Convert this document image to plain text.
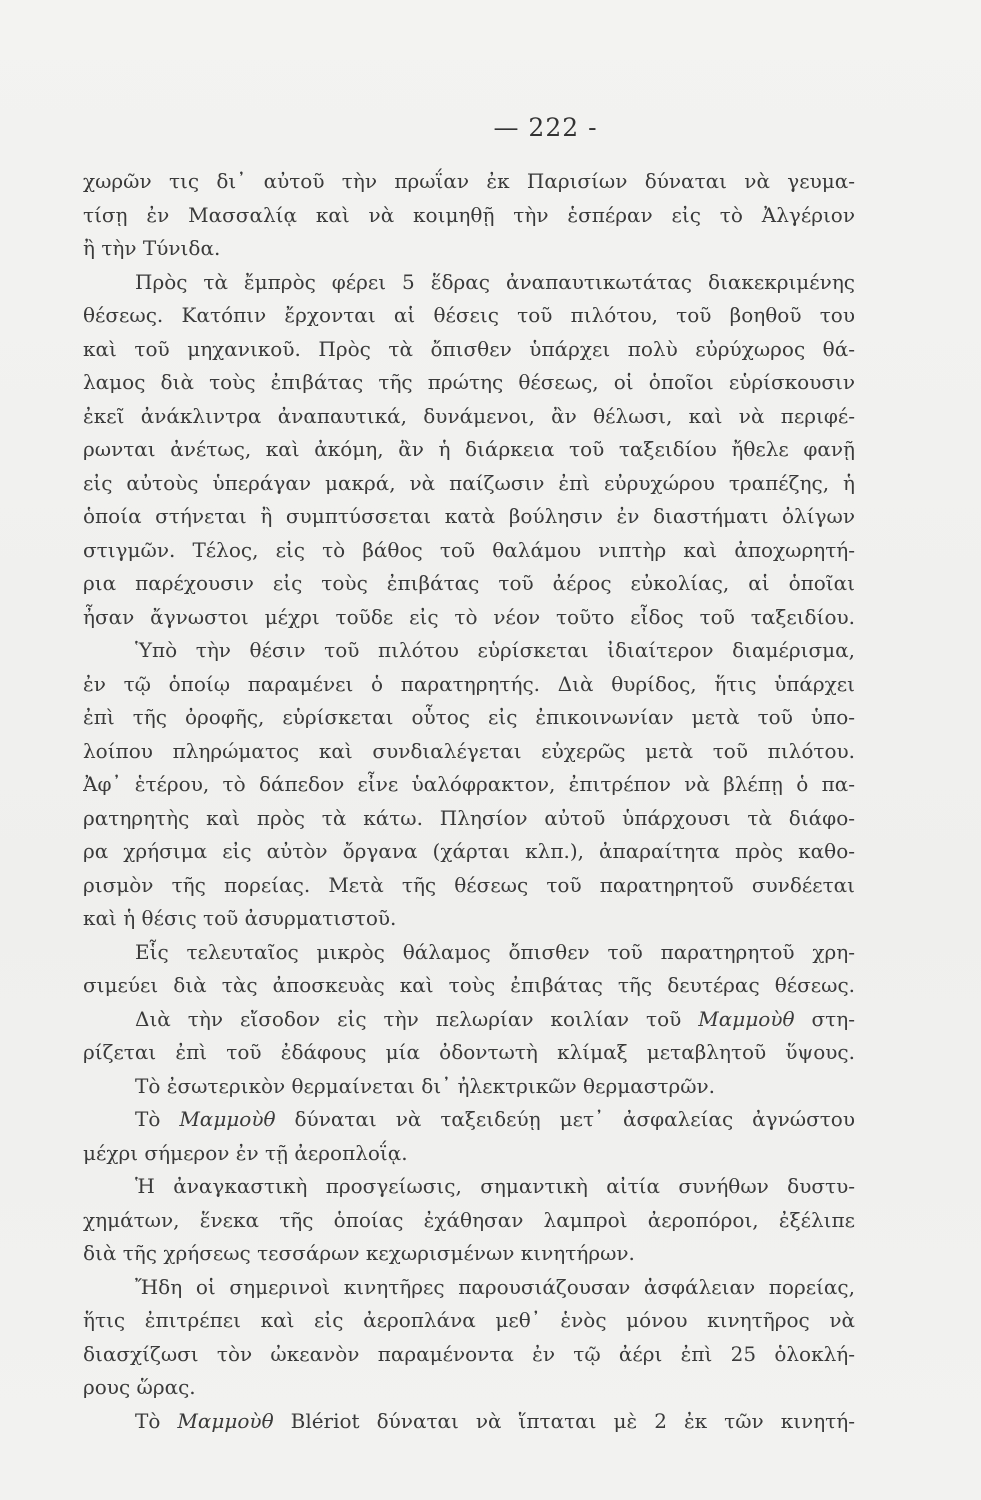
— 222 -
χωρῶν τις δι᾽ αὐτοῦ τὴν πρωΐαν ἐκ Παρισίων δύναται νὰ γευμα-
τίσῃ ἐν Μασσαλίᾳ καὶ νὰ κοιμηθῇ τὴν ἑσπέραν εἰς τὸ Ἀλγέριον
ἢ τὴν Τύνιδα.
Πρὸς τὰ ἔμπρὸς φέρει 5 ἕδρας ἀναπαυτικωτάτας διακεκριμένης
θέσεως. Κατόπιν ἔρχονται αἱ θέσεις τοῦ πιλότου, τοῦ βοηθοῦ του
καὶ τοῦ μηχανικοῦ. Πρὸς τὰ ὄπισθεν ὑπάρχει πολὺ εὐρύχωρος θά-
λαμος διὰ τοὺς ἐπιβάτας τῆς πρώτης θέσεως, οἱ ὁποῖοι εὑρίσκουσιν
ἐκεῖ ἀνάκλιντρα ἀναπαυτικά, δυνάμενοι, ἂν θέλωσι, καὶ νὰ περιφέ-
ρωνται ἀνέτως, καὶ ἀκόμη, ἂν ἡ διάρκεια τοῦ ταξειδίου ἤθελε φανῇ
εἰς αὐτοὺς ὑπεράγαν μακρά, νὰ παίζωσιν ἐπὶ εὐρυχώρου τραπέζης, ἡ
ὁποία στήνεται ἢ συμπτύσσεται κατὰ βούλησιν ἐν διαστήματι ὀλίγων
στιγμῶν. Τέλος, εἰς τὸ βάθος τοῦ θαλάμου νιπτὴρ καὶ ἀποχωρητή-
ρια παρέχουσιν εἰς τοὺς ἐπιβάτας τοῦ ἀέρος εὐκολίας, αἱ ὁποῖαι
ἦσαν ἄγνωστοι μέχρι τοῦδε εἰς τὸ νέον τοῦτο εἶδος τοῦ ταξειδίου.
Ὑπὸ τὴν θέσιν τοῦ πιλότου εὑρίσκεται ἰδιαίτερον διαμέρισμα,
ἐν τῷ ὁποίῳ παραμένει ὁ παρατηρητής. Διὰ θυρίδος, ἥτις ὑπάρχει
ἐπὶ τῆς ὀροφῆς, εὑρίσκεται οὗτος εἰς ἐπικοινωνίαν μετὰ τοῦ ὑπο-
λοίπου πληρώματος καὶ συνδιαλέγεται εὐχερῶς μετὰ τοῦ πιλότου.
Ἀφ᾽ ἑτέρου, τὸ δάπεδον εἶνε ὑαλόφρακτον, ἐπιτρέπον νὰ βλέπῃ ὁ πα-
ρατηρητὴς καὶ πρὸς τὰ κάτω. Πλησίον αὐτοῦ ὑπάρχουσι τὰ διάφο-
ρα χρήσιμα εἰς αὐτὸν ὄργανα (χάρται κλπ.), ἀπαραίτητα πρὸς καθο-
ρισμὸν τῆς πορείας. Μετὰ τῆς θέσεως τοῦ παρατηρητοῦ συνδέεται
καὶ ἡ θέσις τοῦ ἀσυρματιστοῦ.
Εἷς τελευταῖος μικρὸς θάλαμος ὄπισθεν τοῦ παρατηρητοῦ χρη-
σιμεύει διὰ τὰς ἀποσκευὰς καὶ τοὺς ἐπιβάτας τῆς δευτέρας θέσεως.
Διὰ τὴν εἴσοδον εἰς τὴν πελωρίαν κοιλίαν τοῦ Μαμμοὺθ στη-
ρίζεται ἐπὶ τοῦ ἐδάφους μία ὀδοντωτὴ κλίμαξ μεταβλητοῦ ὕψους.
Τὸ ἐσωτερικὸν θερμαίνεται δι᾽ ἠλεκτρικῶν θερμαστρῶν.
Τὸ Μαμμοὺθ δύναται νὰ ταξειδεύῃ μετ᾽ ἀσφαλείας ἀγνώστου
μέχρι σήμερον ἐν τῇ ἀεροπλοΐᾳ.
Ἡ ἀναγκαστικὴ προσγείωσις, σημαντικὴ αἰτία συνήθων δυστυ-
χημάτων, ἕνεκα τῆς ὁποίας ἐχάθησαν λαμπροὶ ἀεροπόροι, ἐξέλιπε
διὰ τῆς χρήσεως τεσσάρων κεχωρισμένων κινητήρων.
Ἤδη οἱ σημερινοὶ κινητῆρες παρουσιάζουσαν ἀσφάλειαν πορείας,
ἥτις ἐπιτρέπει καὶ εἰς ἀεροπλάνα μεθ᾽ ἑνὸς μόνου κινητῆρος νὰ
διασχίζωσι τὸν ὠκεανὸν παραμένοντα ἐν τῷ ἀέρι ἐπὶ 25 ὁλοκλή-
ρους ὥρας.
Τὸ Μαμμοὺθ Blériot δύναται νὰ ἵπταται μὲ 2 ἐκ τῶν κινητή-
